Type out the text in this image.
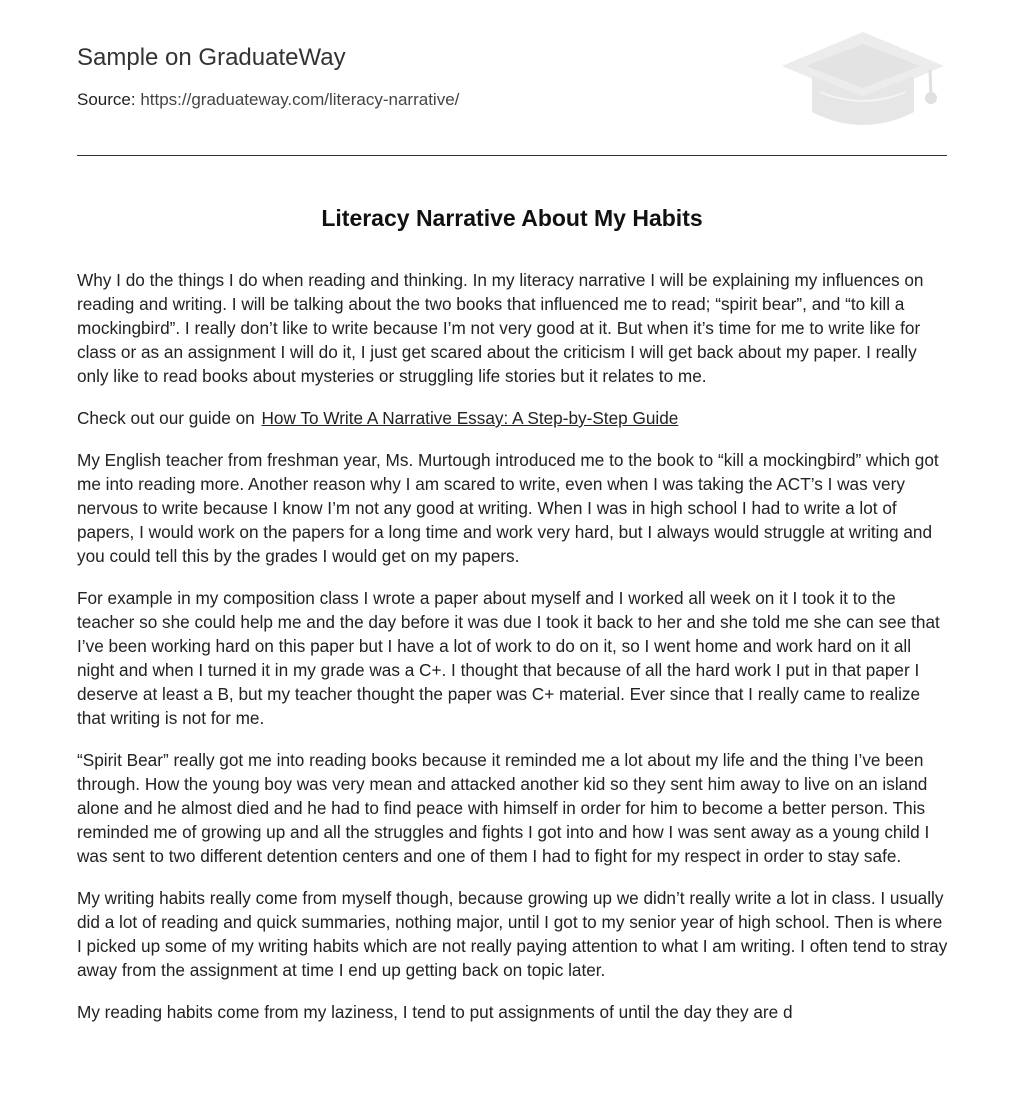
Sample on GraduateWay
Source: https://graduateway.com/literacy-narrative/
Literacy Narrative About My Habits

Why I do the things I do when reading and thinking. In my literacy narrative I will be explaining my influences on reading and writing. I will be talking about the two books that influenced me to read; “spirit bear”, and “to kill a mockingbird”. I really don’t like to write because I’m not very good at it. But when it’s time for me to write like for class or as an assignment I will do it, I just get scared about the criticism I will get back about my paper. I really only like to read books about mysteries or struggling life stories but it relates to me.

Check out our guide on How To Write A Narrative Essay: A Step-by-Step Guide

My English teacher from freshman year, Ms. Murtough introduced me to the book to “kill a mockingbird” which got me into reading more. Another reason why I am scared to write, even when I was taking the ACT’s I was very nervous to write because I know I’m not any good at writing. When I was in high school I had to write a lot of papers, I would work on the papers for a long time and work very hard, but I always would struggle at writing and you could tell this by the grades I would get on my papers.

For example in my composition class I wrote a paper about myself and I worked all week on it I took it to the teacher so she could help me and the day before it was due I took it back to her and she told me she can see that I’ve been working hard on this paper but I have a lot of work to do on it, so I went home and work hard on it all night and when I turned it in my grade was a C+. I thought that because of all the hard work I put in that paper I deserve at least a B, but my teacher thought the paper was C+ material. Ever since that I really came to realize that writing is not for me.

“Spirit Bear” really got me into reading books because it reminded me a lot about my life and the thing I’ve been through. How the young boy was very mean and attacked another kid so they sent him away to live on an island alone and he almost died and he had to find peace with himself in order for him to become a better person. This reminded me of growing up and all the struggles and fights I got into and how I was sent away as a young child I was sent to two different detention centers and one of them I had to fight for my respect in order to stay safe.

My writing habits really come from myself though, because growing up we didn’t really write a lot in class. I usually did a lot of reading and quick summaries, nothing major, until I got to my senior year of high school. Then is where I picked up some of my writing habits which are not really paying attention to what I am writing. I often tend to stray away from the assignment at time I end up getting back on topic later.

My reading habits come from my laziness, I tend to put assignments of until the day they are d
